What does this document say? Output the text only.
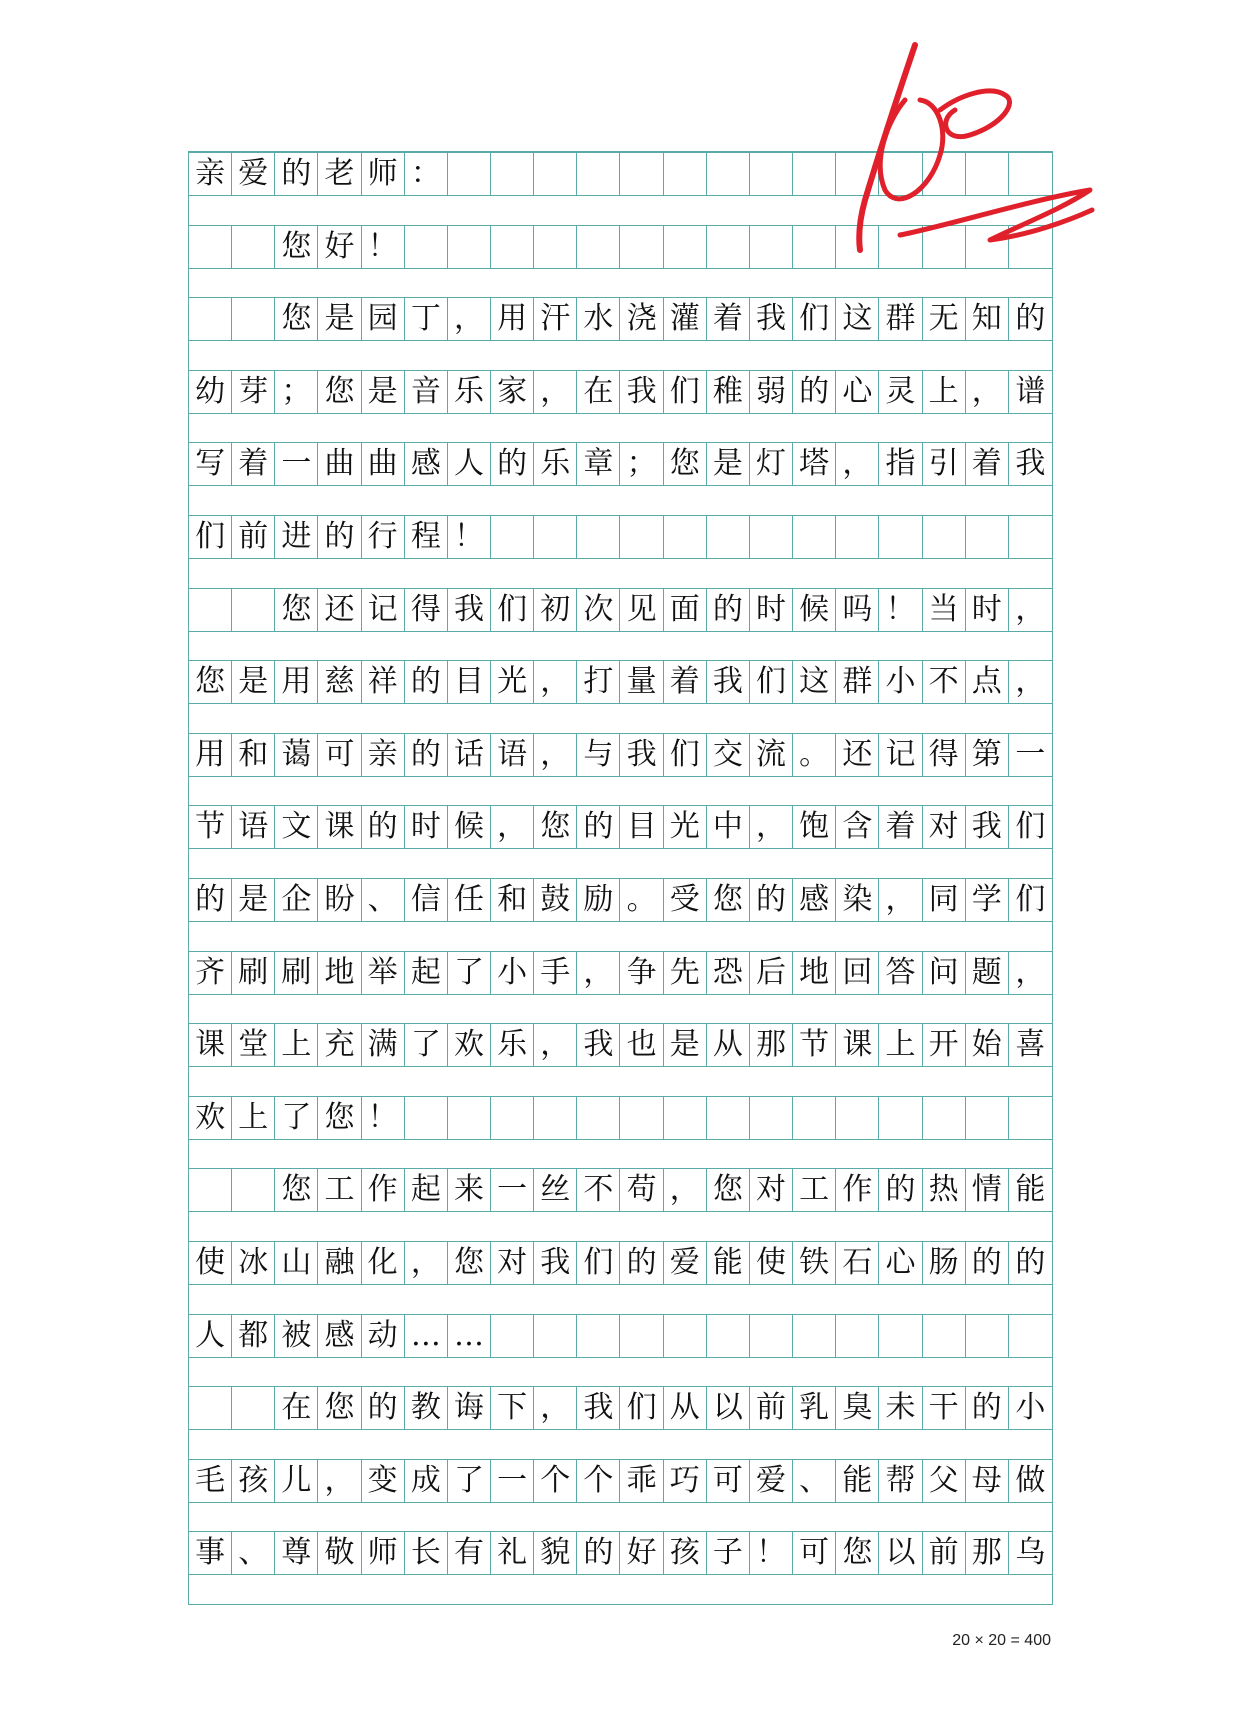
亲 爱 的 老 师 ：
您 好 ！
您 是 园 丁 ， 用 汗 水 浇 灌 着 我 们 这 群 无 知 的
幼 芽 ； 您 是 音 乐 家 ， 在 我 们 稚 弱 的 心 灵 上 ， 谱
写 着 一 曲 曲 感 人 的 乐 章 ； 您 是 灯 塔 ， 指 引 着 我
们 前 进 的 行 程 ！
您 还 记 得 我 们 初 次 见 面 的 时 候 吗 ！ 当 时 ，
您 是 用 慈 祥 的 目 光 ， 打 量 着 我 们 这 群 小 不 点 ，
用 和 蔼 可 亲 的 话 语 ， 与 我 们 交 流 。 还 记 得 第 一
节 语 文 课 的 时 候 ， 您 的 目 光 中 ， 饱 含 着 对 我 们
的 是 企 盼 、 信 任 和 鼓 励 。 受 您 的 感 染 ， 同 学 们
齐 刷 刷 地 举 起 了 小 手 ， 争 先 恐 后 地 回 答 问 题 ，
课 堂 上 充 满 了 欢 乐 ， 我 也 是 从 那 节 课 上 开 始 喜
欢 上 了 您 ！
您 工 作 起 来 一 丝 不 苟 ， 您 对 工 作 的 热 情 能
使 冰 山 融 化 ， 您 对 我 们 的 爱 能 使 铁 石 心 肠 的 的
人 都 被 感 动 … …
在 您 的 教 诲 下 ， 我 们 从 以 前 乳 臭 未 干 的 小
毛 孩 儿 ， 变 成 了 一 个 个 乖 巧 可 爱 、 能 帮 父 母 做
事 、 尊 敬 师 长 有 礼 貌 的 好 孩 子 ！ 可 您 以 前 那 乌
20 × 20 = 400
